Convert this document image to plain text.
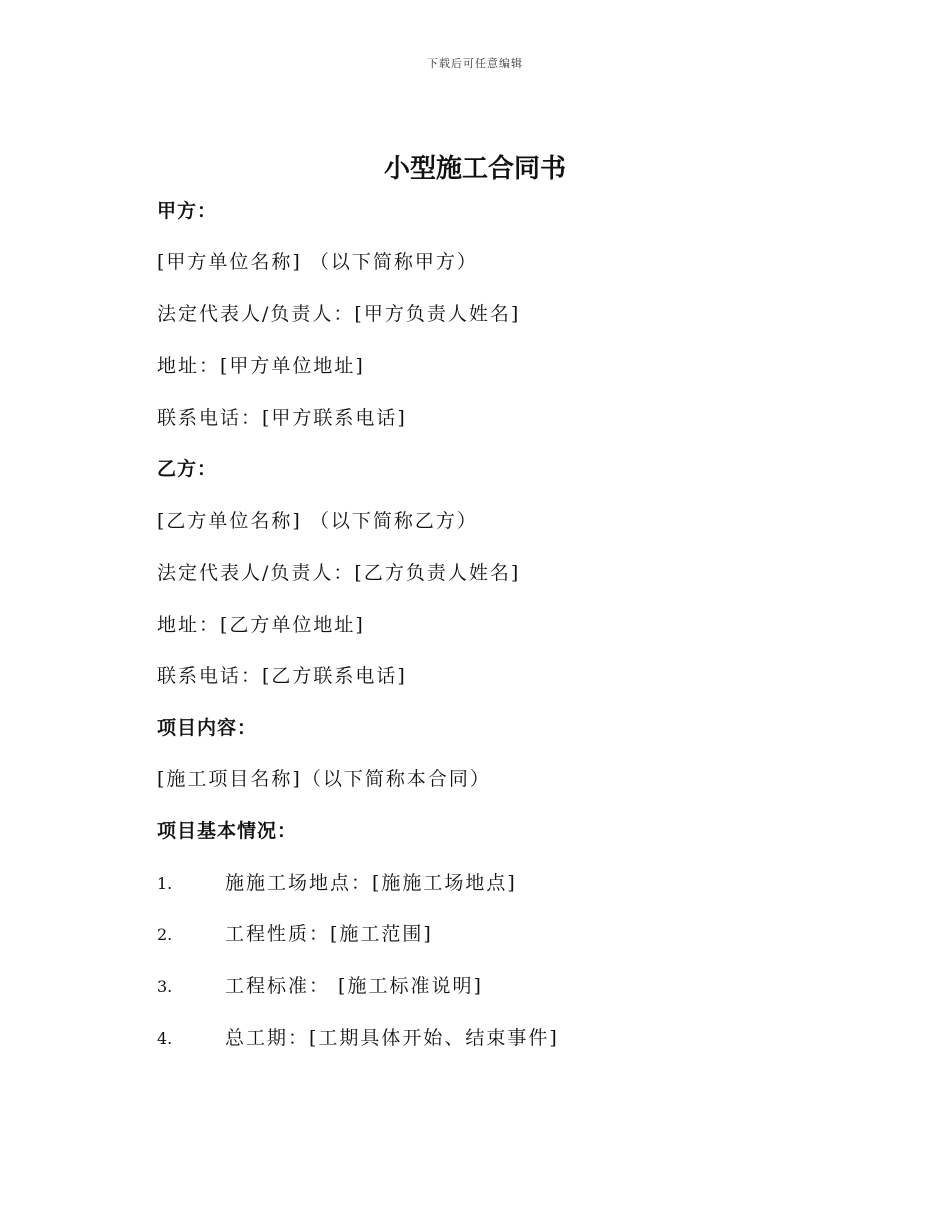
下载后可任意编辑
小型施工合同书
甲方：
[甲方单位名称] （以下简称甲方）
法定代表人/负责人：[甲方负责人姓名]
地址：[甲方单位地址]
联系电话：[甲方联系电话]
乙方：
[乙方单位名称] （以下简称乙方）
法定代表人/负责人：[乙方负责人姓名]
地址：[乙方单位地址]
联系电话：[乙方联系电话]
项目内容：
[施工项目名称]（以下简称本合同）
项目基本情况：
1.	施施工场地点：[施施工场地点]
2.	工程性质：[施工范围]
3.	工程标准： [施工标准说明]
4.	总工期：[工期具体开始、结束事件]
